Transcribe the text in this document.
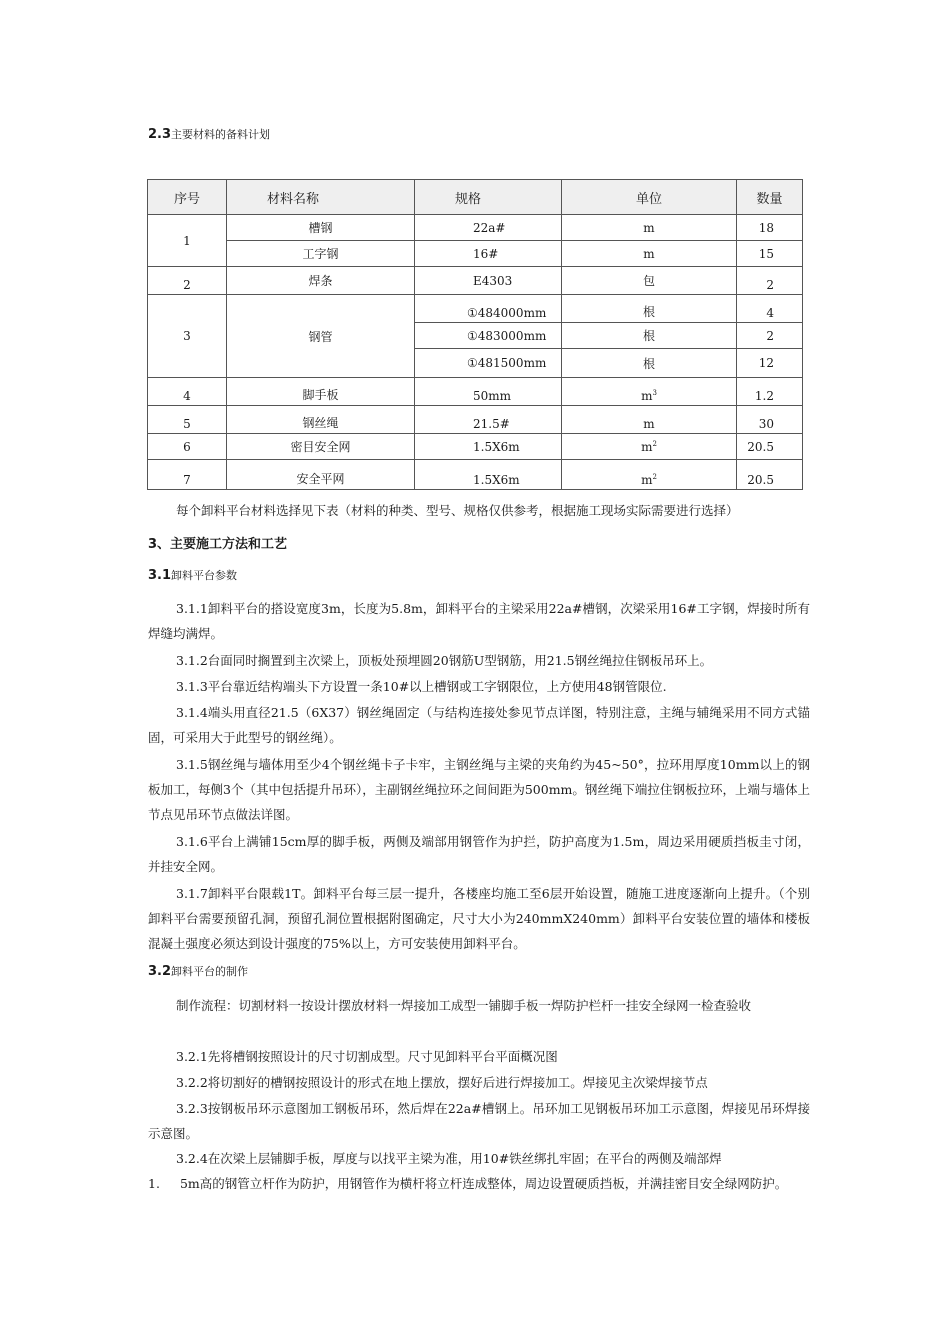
2.3主要材料的备料计划
序号	材料名称	规格	单位	数量
1	槽钢	22a#	m	18
	工字钢	16#	m	15
2	焊条	E4303	包	2
3	钢管	①484000mm	根	4
		①483000mm	根	2
		①481500mm	根	12
4	脚手板	50mm	$m^3$	1.2
5	钢丝绳	21.5#	m	30
6	密目安全网	1.5X6m	$m^2$	20.5
7	安全平网	1.5X6m	$m^2$	20.5
每个卸料平台材料选择见下表（材料的种类、型号、规格仅供参考，根据施工现场实际需要进行选择）
3、主要施工方法和工艺
3.1卸料平台参数
3.1.1卸料平台的搭设宽度3m，长度为5.8m，卸料平台的主梁采用22a#槽钢，次梁采用16#工字钢，焊接时所有焊缝均满焊。
3.1.2台面同时搁置到主次梁上，顶板处预埋圆20钢筋U型钢筋，用21.5钢丝绳拉住钢板吊环上。
3.1.3平台靠近结构端头下方设置一条10#以上槽钢或工字钢限位，上方使用48钢管限位.
3.1.4端头用直径21.5（6X37）钢丝绳固定（与结构连接处参见节点详图，特别注意，主绳与辅绳采用不同方式锚固，可采用大于此型号的钢丝绳）。
3.1.5钢丝绳与墙体用至少4个钢丝绳卡子卡牢，主钢丝绳与主梁的夹角约为45~50°，拉环用厚度10mm以上的钢板加工，每侧3个（其中包括提升吊环），主副钢丝绳拉环之间间距为500mm。钢丝绳下端拉住钢板拉环，上端与墙体上节点见吊环节点做法详图。
3.1.6平台上满铺15cm厚的脚手板，两侧及端部用钢管作为护拦，防护高度为1.5m，周边采用硬质挡板圭寸闭，并挂安全网。
3.1.7卸料平台限载1T。卸料平台每三层一提升，各楼座均施工至6层开始设置，随施工进度逐渐向上提升。（个别卸料平台需要预留孔洞，预留孔洞位置根据附图确定，尺寸大小为240mmX240mm）卸料平台安装位置的墙体和楼板混凝土强度必须达到设计强度的75%以上，方可安装使用卸料平台。
3.2卸料平台的制作
制作流程：切割材料一按设计摆放材料一焊接加工成型一铺脚手板一焊防护栏杆一挂安全绿网一检查验收
3.2.1先将槽钢按照设计的尺寸切割成型。尺寸见卸料平台平面概况图
3.2.2将切割好的槽钢按照设计的形式在地上摆放，摆好后进行焊接加工。焊接见主次梁焊接节点
3.2.3按钢板吊环示意图加工钢板吊环，然后焊在22a#槽钢上。吊环加工见钢板吊环加工示意图，焊接见吊环焊接示意图。
3.2.4在次梁上层铺脚手板，厚度与以找平主梁为准，用10#铁丝绑扎牢固；在平台的两侧及端部焊
1. 5m高的钢管立杆作为防护，用钢管作为横杆将立杆连成整体，周边设置硬质挡板，并满挂密目安全绿网防护。
